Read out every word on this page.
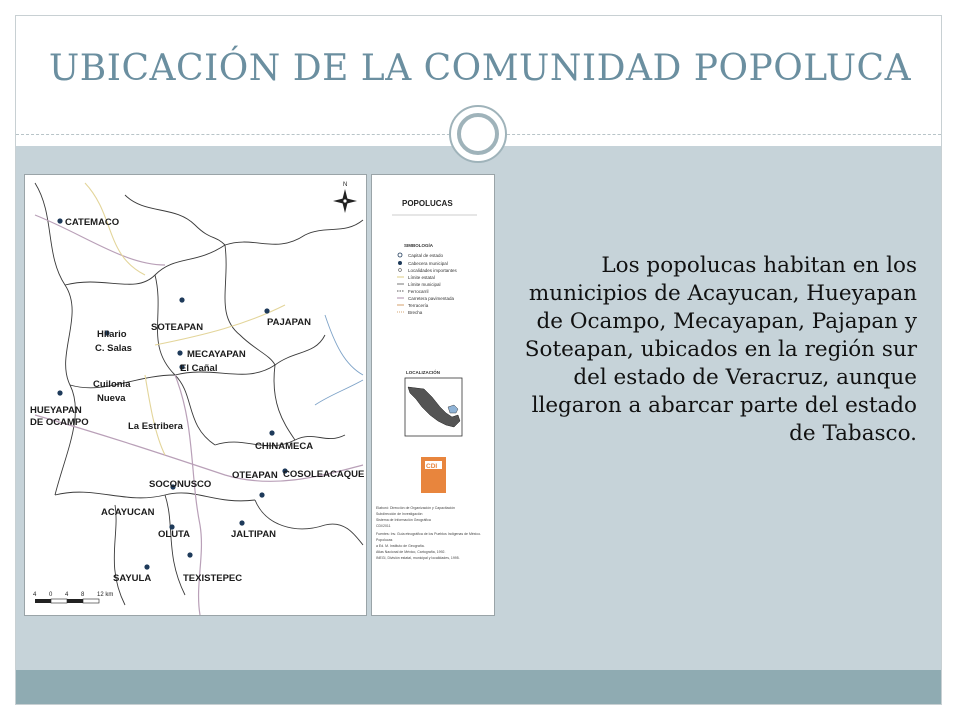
UBICACIÓN DE LA COMUNIDAD POPOLUCA
CATEMACO
SOTEAPAN	PAJAPAN
Hilario
C. Salas
MECAYAPAN
El Cañal
Cuilonia
Nueva
HUEYAPAN
DE OCAMPO	La Estribera
CHINAMECA
COSOLEACAQUE
SOCONUSCO
OTEAPAN
ACAYUCAN
OLUTA	JALTIPAN
SAYULA	TEXISTEPEC
N
4 0 4 8 12 km
POPOLUCAS
SIMBOLOGÍA
Capital de estado
Cabecera municipal
Localidades importantes
Límite estatal
Límite municipal
Ferrocarril
Carretera pavimentada
Terracería
Brecha
LOCALIZACIÓN
CDI
Elaboró: Dirección de Organización y Capacitación
Subdirección de Investigación
Sistema de Información Geográfica
CDI/2011
Fuentes: Inv. Guía etnográfica de los Pueblos Indígenas de México.
Popolucas
a Ed. M. Instituto de Geografía.
Atlas Nacional de México, Cartografía, 1992.
INEGI, División estatal, municipal y localidades, 1995.

Los popolucas habitan en los municipios de Acayucan, Hueyapan de Ocampo, Mecayapan, Pajapan y Soteapan, ubicados en la región sur del estado de Veracruz, aunque llegaron a abarcar parte del estado de Tabasco.
